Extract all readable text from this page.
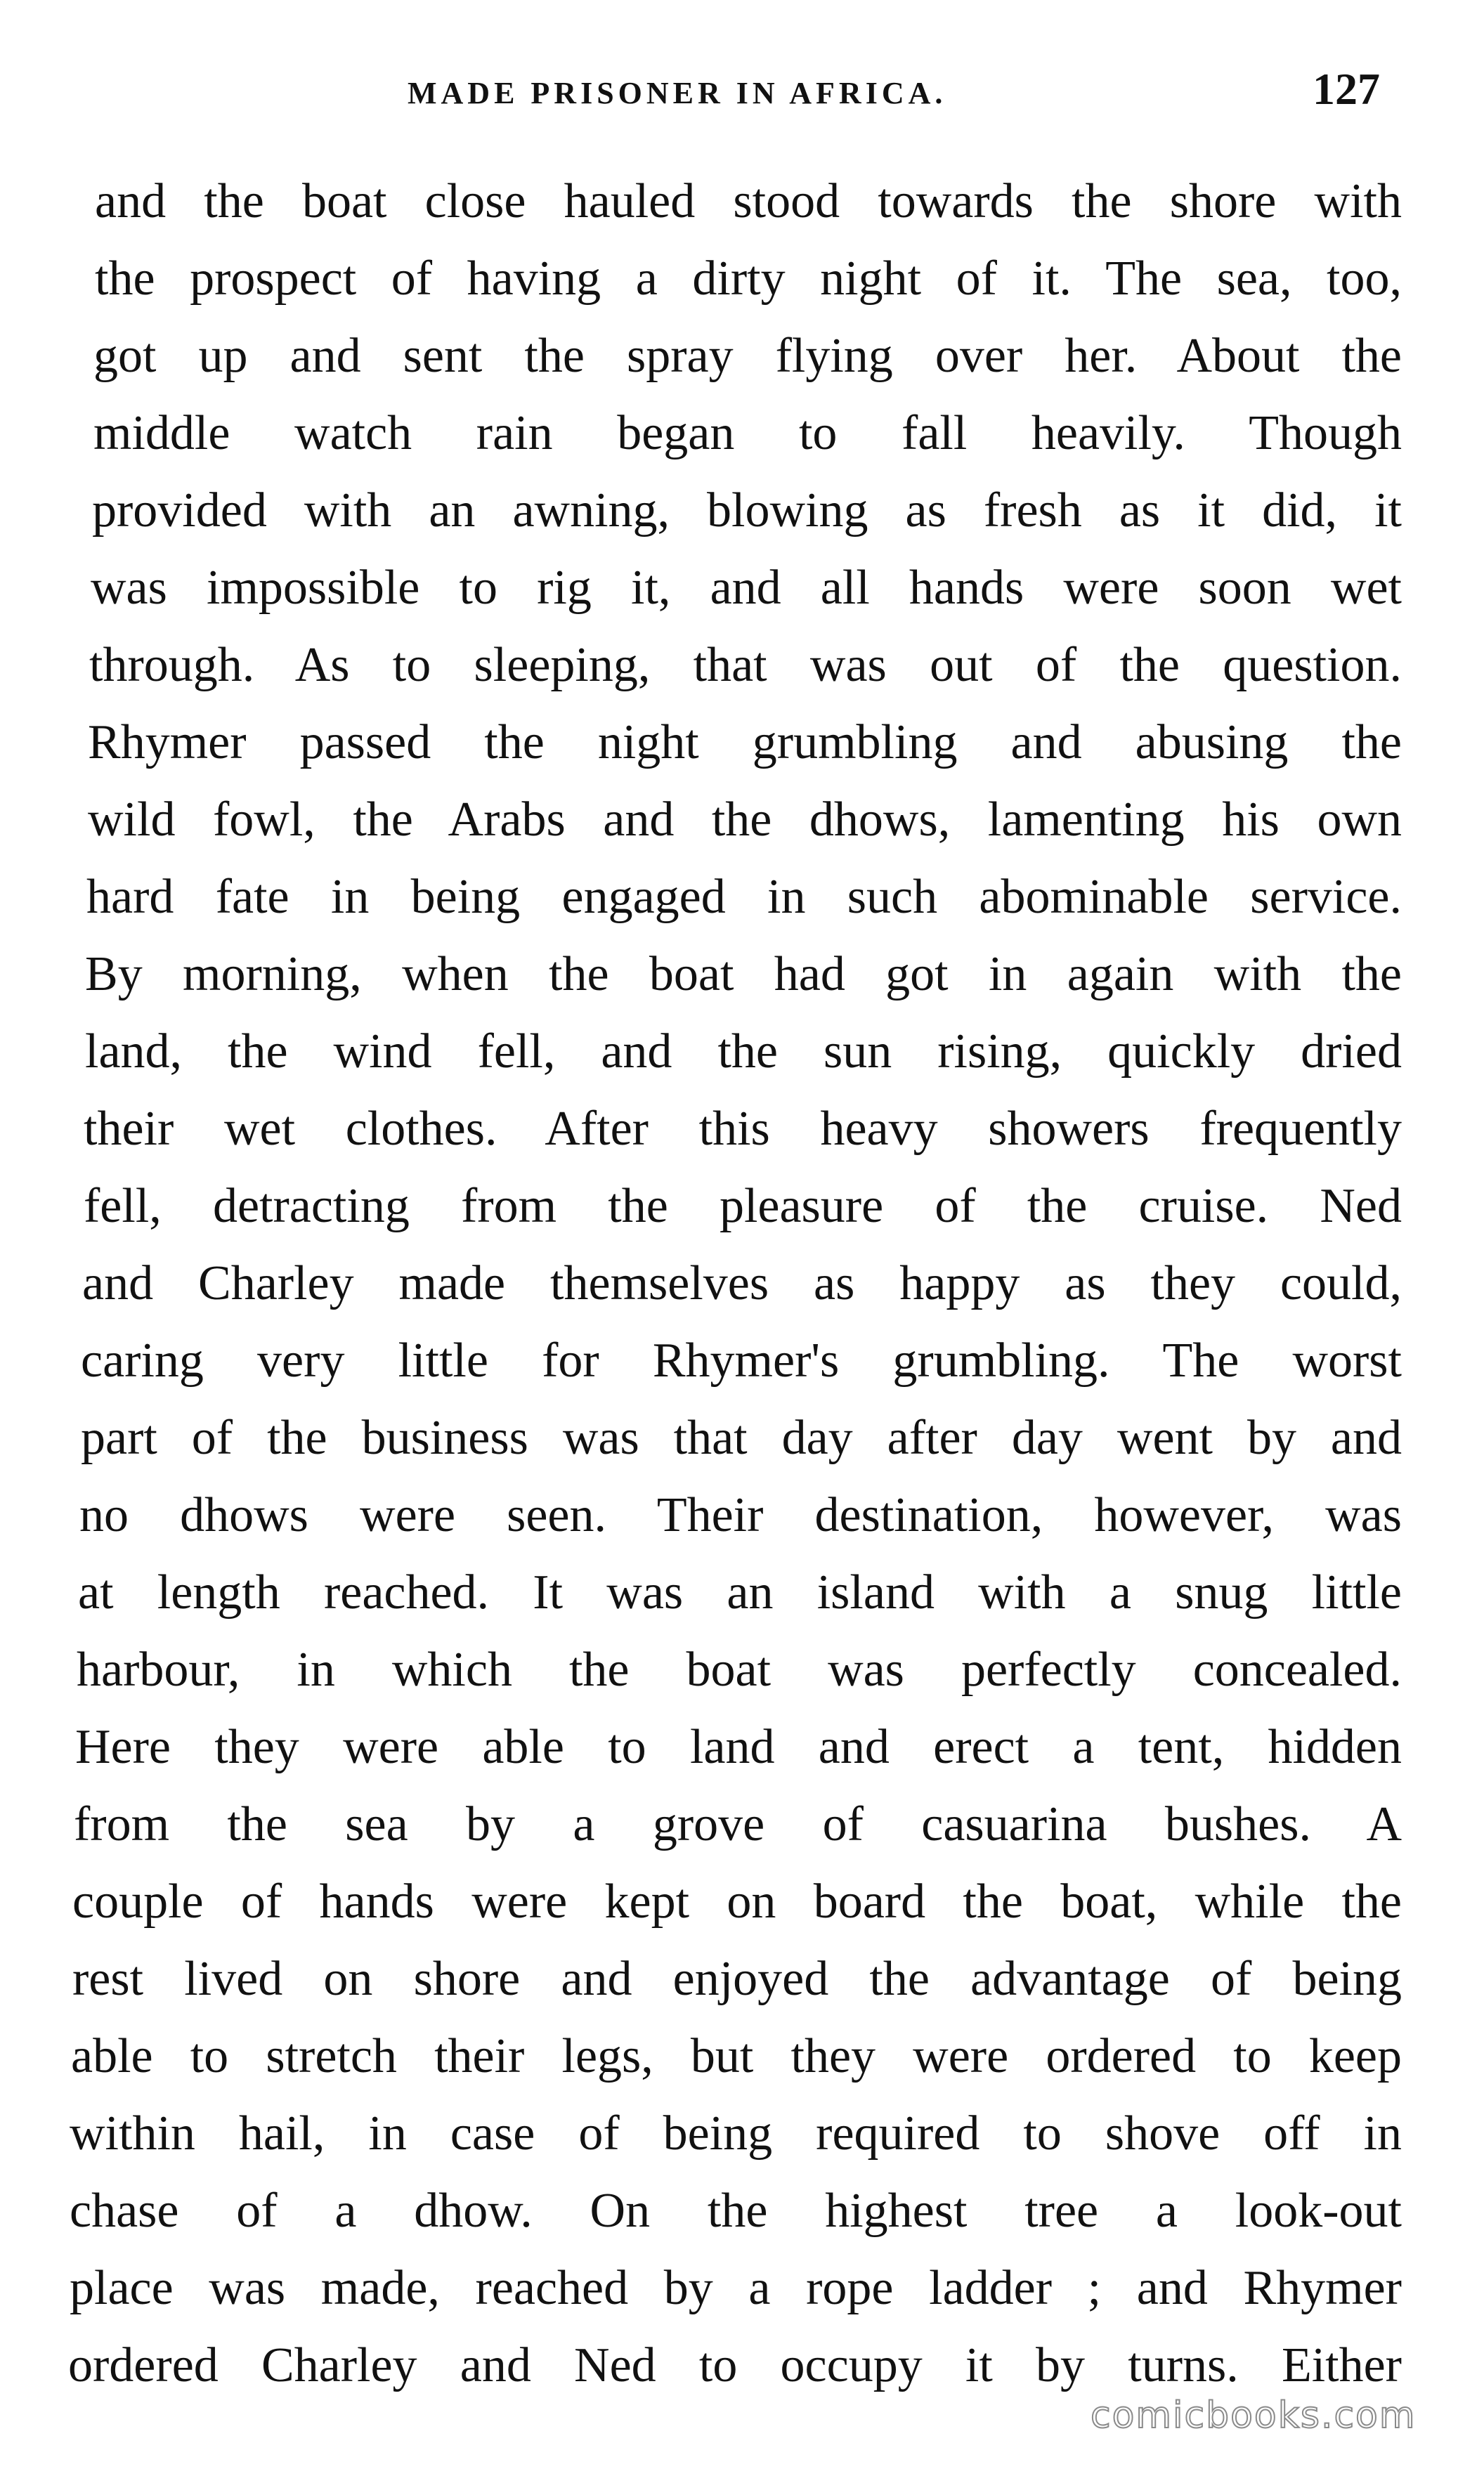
MADE PRISONER IN AFRICA.	127
and the boat close hauled stood towards the shore with
the prospect of having a dirty night of it. The sea, too,
got up and sent the spray flying over her. About the
middle watch rain began to fall heavily. Though
provided with an awning, blowing as fresh as it did, it
was impossible to rig it, and all hands were soon wet
through. As to sleeping, that was out of the question.
Rhymer passed the night grumbling and abusing the
wild fowl, the Arabs and the dhows, lamenting his own
hard fate in being engaged in such abominable service.
By morning, when the boat had got in again with the
land, the wind fell, and the sun rising, quickly dried
their wet clothes. After this heavy showers frequently
fell, detracting from the pleasure of the cruise. Ned
and Charley made themselves as happy as they could,
caring very little for Rhymer's grumbling. The worst
part of the business was that day after day went by and
no dhows were seen. Their destination, however, was
at length reached. It was an island with a snug little
harbour, in which the boat was perfectly concealed.
Here they were able to land and erect a tent, hidden
from the sea by a grove of casuarina bushes. A
couple of hands were kept on board the boat, while the
rest lived on shore and enjoyed the advantage of being
able to stretch their legs, but they were ordered to keep
within hail, in case of being required to shove off in
chase of a dhow. On the highest tree a look-out
place was made, reached by a rope ladder ; and Rhymer
ordered Charley and Ned to occupy it by turns. Either
comicbooks.com
